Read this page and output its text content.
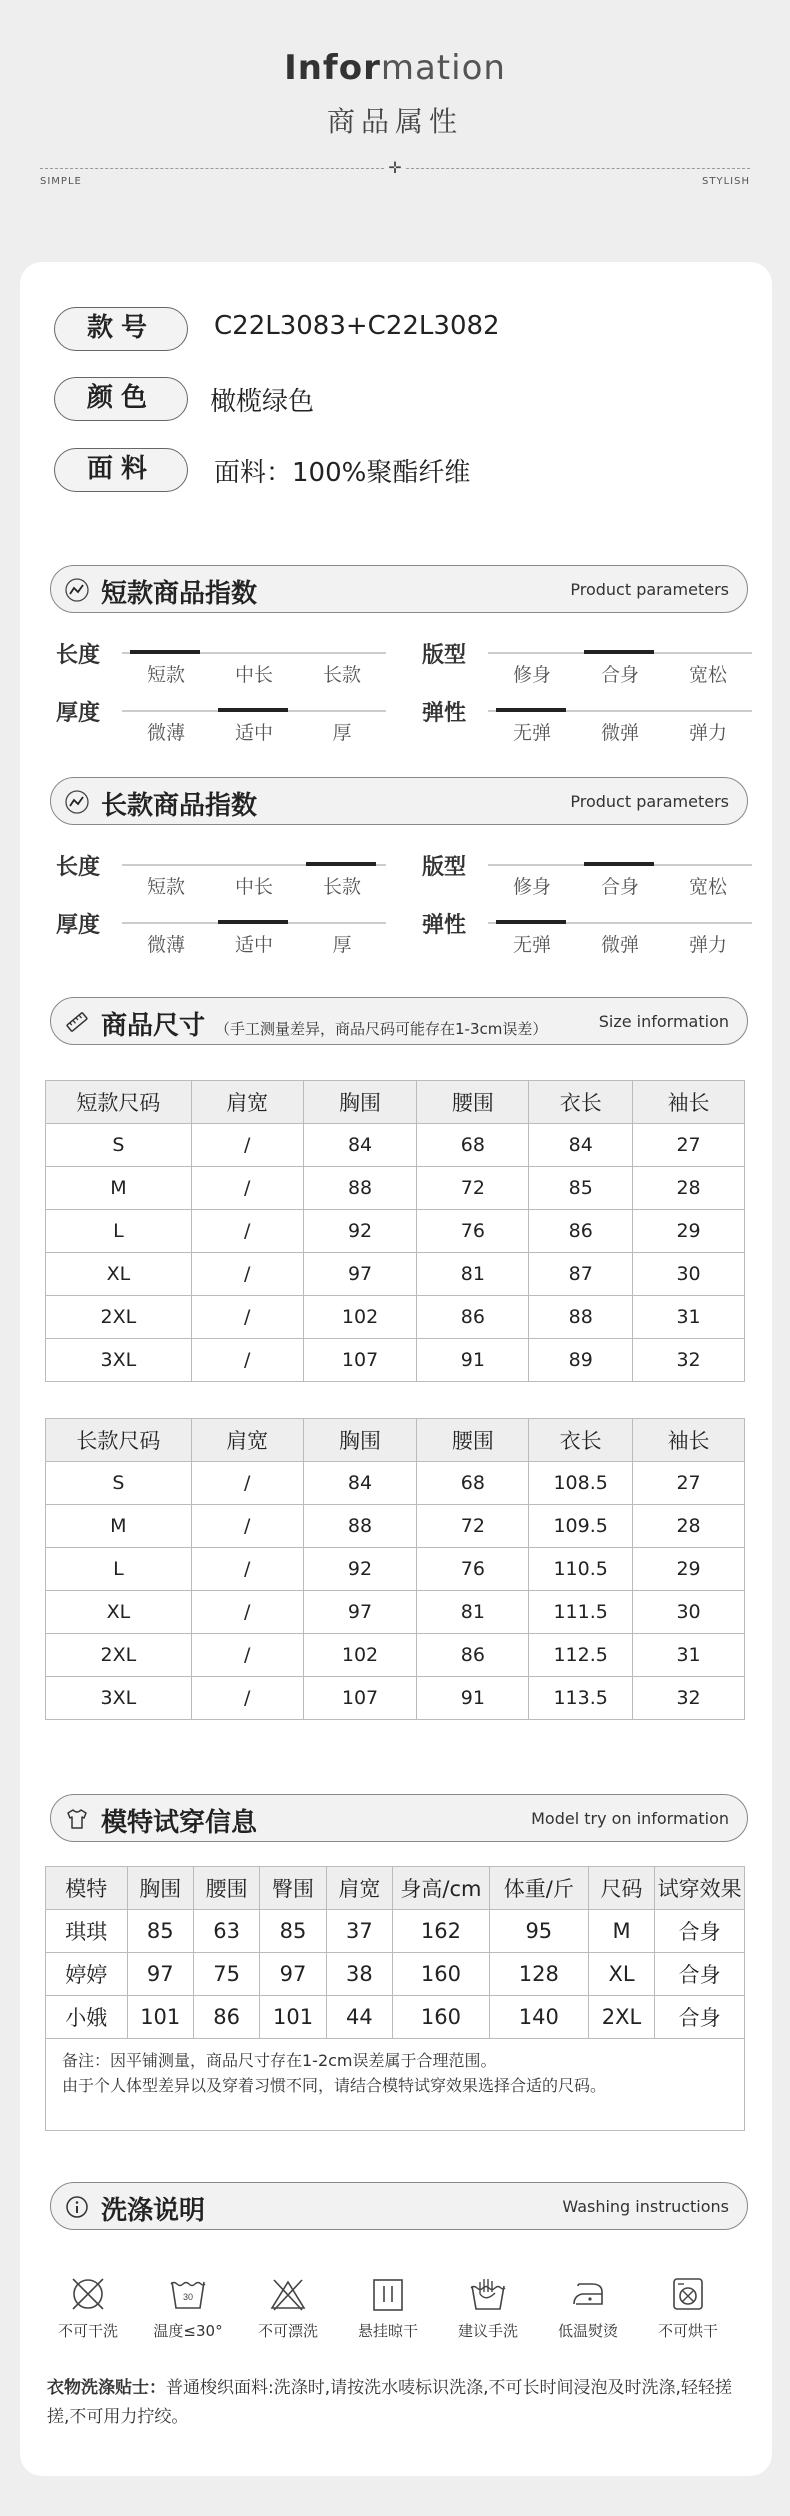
Information
商品属性
✛
SIMPLE	STYLISH
款号	C22L3083+C22L3082
颜色	橄榄绿色
面料	面料：100%聚酯纤维
短款商品指数	Product parameters
长度
短款	中长	长款
版型
修身	合身	宽松
厚度
微薄	适中	厚
弹性
无弹	微弹	弹力
长款商品指数	Product parameters
长度
短款	中长	长款
版型
修身	合身	宽松
厚度
微薄	适中	厚
弹性
无弹	微弹	弹力
商品尺寸 （手工测量差异，商品尺码可能存在1-3cm误差）	Size information
短款尺码	肩宽	胸围	腰围	衣长	袖长
S	/	84	68	84	27
M	/	88	72	85	28
L	/	92	76	86	29
XL	/	97	81	87	30
2XL	/	102	86	88	31
3XL	/	107	91	89	32
长款尺码	肩宽	胸围	腰围	衣长	袖长
S	/	84	68	108.5	27
M	/	88	72	109.5	28
L	/	92	76	110.5	29
XL	/	97	81	111.5	30
2XL	/	102	86	112.5	31
3XL	/	107	91	113.5	32
模特试穿信息	Model try on information
模特	胸围	腰围	臀围	肩宽	身高/cm	体重/斤	尺码	试穿效果
琪琪	85	63	85	37	162	95	M	合身
婷婷	97	75	97	38	160	128	XL	合身
小娥	101	86	101	44	160	140	2XL	合身
备注：因平铺测量，商品尺寸存在1-2cm误差属于合理范围。
由于个人体型差异以及穿着习惯不同，请结合模特试穿效果选择合适的尺码。
洗涤说明	Washing instructions
不可干洗
30
温度≤30°	不可漂洗	悬挂晾干	建议手洗	低温熨烫	不可烘干
衣物洗涤贴士：普通梭织面料:洗涤时,请按洗水唛标识洗涤,不可长时间浸泡及时洗涤,轻轻搓搓,不可用力拧绞。
